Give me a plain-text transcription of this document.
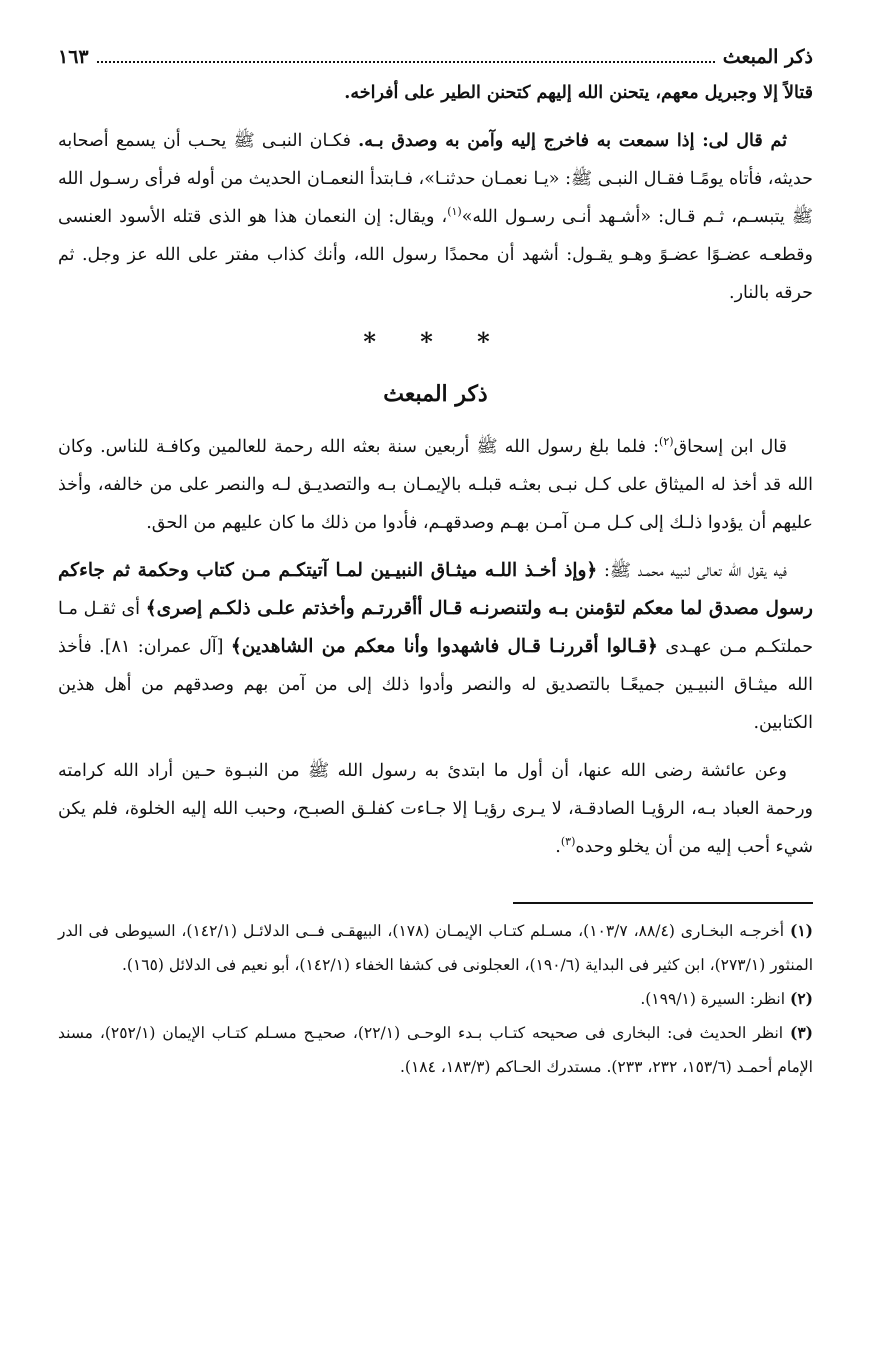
ذكر المبعث
١٦٣

قتالاً إلا وجبريل معهم، يتحنن الله إليهم كتحنن الطير على أفراخه.

ثم قال لى: إذا سمعت به فاخرج إليه وآمن به وصدق بـه. فكـان النبـى ﷺ يحـب أن يسمع أصحابه حديثه، فأتاه يومًـا فقـال النبـى ﷺ: «يـا نعمـان حدثنـا»، فـابتدأ النعمـان الحديث من أوله فرأى رسـول الله ﷺ يتبسـم، ثـم قـال: «أشـهد أنـى رسـول الله»$^{(١)}$، ويقال: إن النعمان هذا هو الذى قتله الأسود العنسى وقطعـه عضـوًا عضـوً وهـو يقـول: أشهد أن محمدًا رسول الله، وأنك كذاب مفتر على الله عز وجل. ثم حرقه بالنار.

* * *
ذكر المبعث

قال ابن إسحاق$^{(٢)}$: فلما بلغ رسول الله ﷺ أربعين سنة بعثه الله رحمة للعالمين وكافـة للناس. وكان الله قد أخذ له الميثاق على كـل نبـى بعثـه قبلـه بالإيمـان بـه والتصديـق لـه والنصر على من خالفه، وأخذ عليهم أن يؤدوا ذلـك إلى كـل مـن آمـن بهـم وصدقهـم، فأدوا من ذلك ما كان عليهم من الحق.

فيه يقول الله تعالى لنبيه محمـد ﷺ: ﴿وإذ أخـذ اللـه ميثـاق النبيـين لمـا آتيتكـم مـن كتاب وحكمة ثم جاءكم رسول مصدق لما معكم لتؤمنن بـه ولتنصرنـه قـال أأقررتـم وأخذتم علـى ذلكـم إصرى﴾ أى ثقـل مـا حملتكـم مـن عهـدى ﴿قـالوا أقررنـا قـال فاشهدوا وأنا معكم من الشاهدين﴾ [آل عمران: ٨١]. فأخذ الله ميثـاق النبيـين جميعًـا بالتصديق له والنصر وأدوا ذلك إلى من آمن بهم وصدقهم من أهل هذين الكتابين.

وعن عائشة رضى الله عنها، أن أول ما ابتدئ به رسول الله ﷺ من النبـوة حـين أراد الله كرامته ورحمة العباد بـه، الرؤيـا الصادقـة، لا يـرى رؤيـا إلا جـاءت كفلـق الصبـح، وحبب الله إليه الخلوة، فلم يكن شيء أحب إليه من أن يخلو وحده$^{(٣)}$.

(١) أخرجـه البخـارى (٨٨/٤، ١٠٣/٧)، مسـلم كتـاب الإيمـان (١٧٨)، البيهقـى فــى الدلائـل (١٤٢/١)، السيوطى فى الدر المنثور (٢٧٣/١)، ابن كثير فى البداية (١٩٠/٦)، العجلونى فى كشفا الخفاء (١٤٢/١)، أبو نعيم فى الدلائل (١٦٥).

(٢) انظر: السيرة (١٩٩/١).

(٣) انظر الحديث فى: البخارى فى صحيحه كتـاب بـدء الوحـى (٢٢/١)، صحيـح مسـلم كتـاب الإيمان (٢٥٢/١)، مسند الإمام أحمـد (١٥٣/٦، ٢٣٢، ٢٣٣). مستدرك الحـاكم (١٨٣/٣، ١٨٤).
